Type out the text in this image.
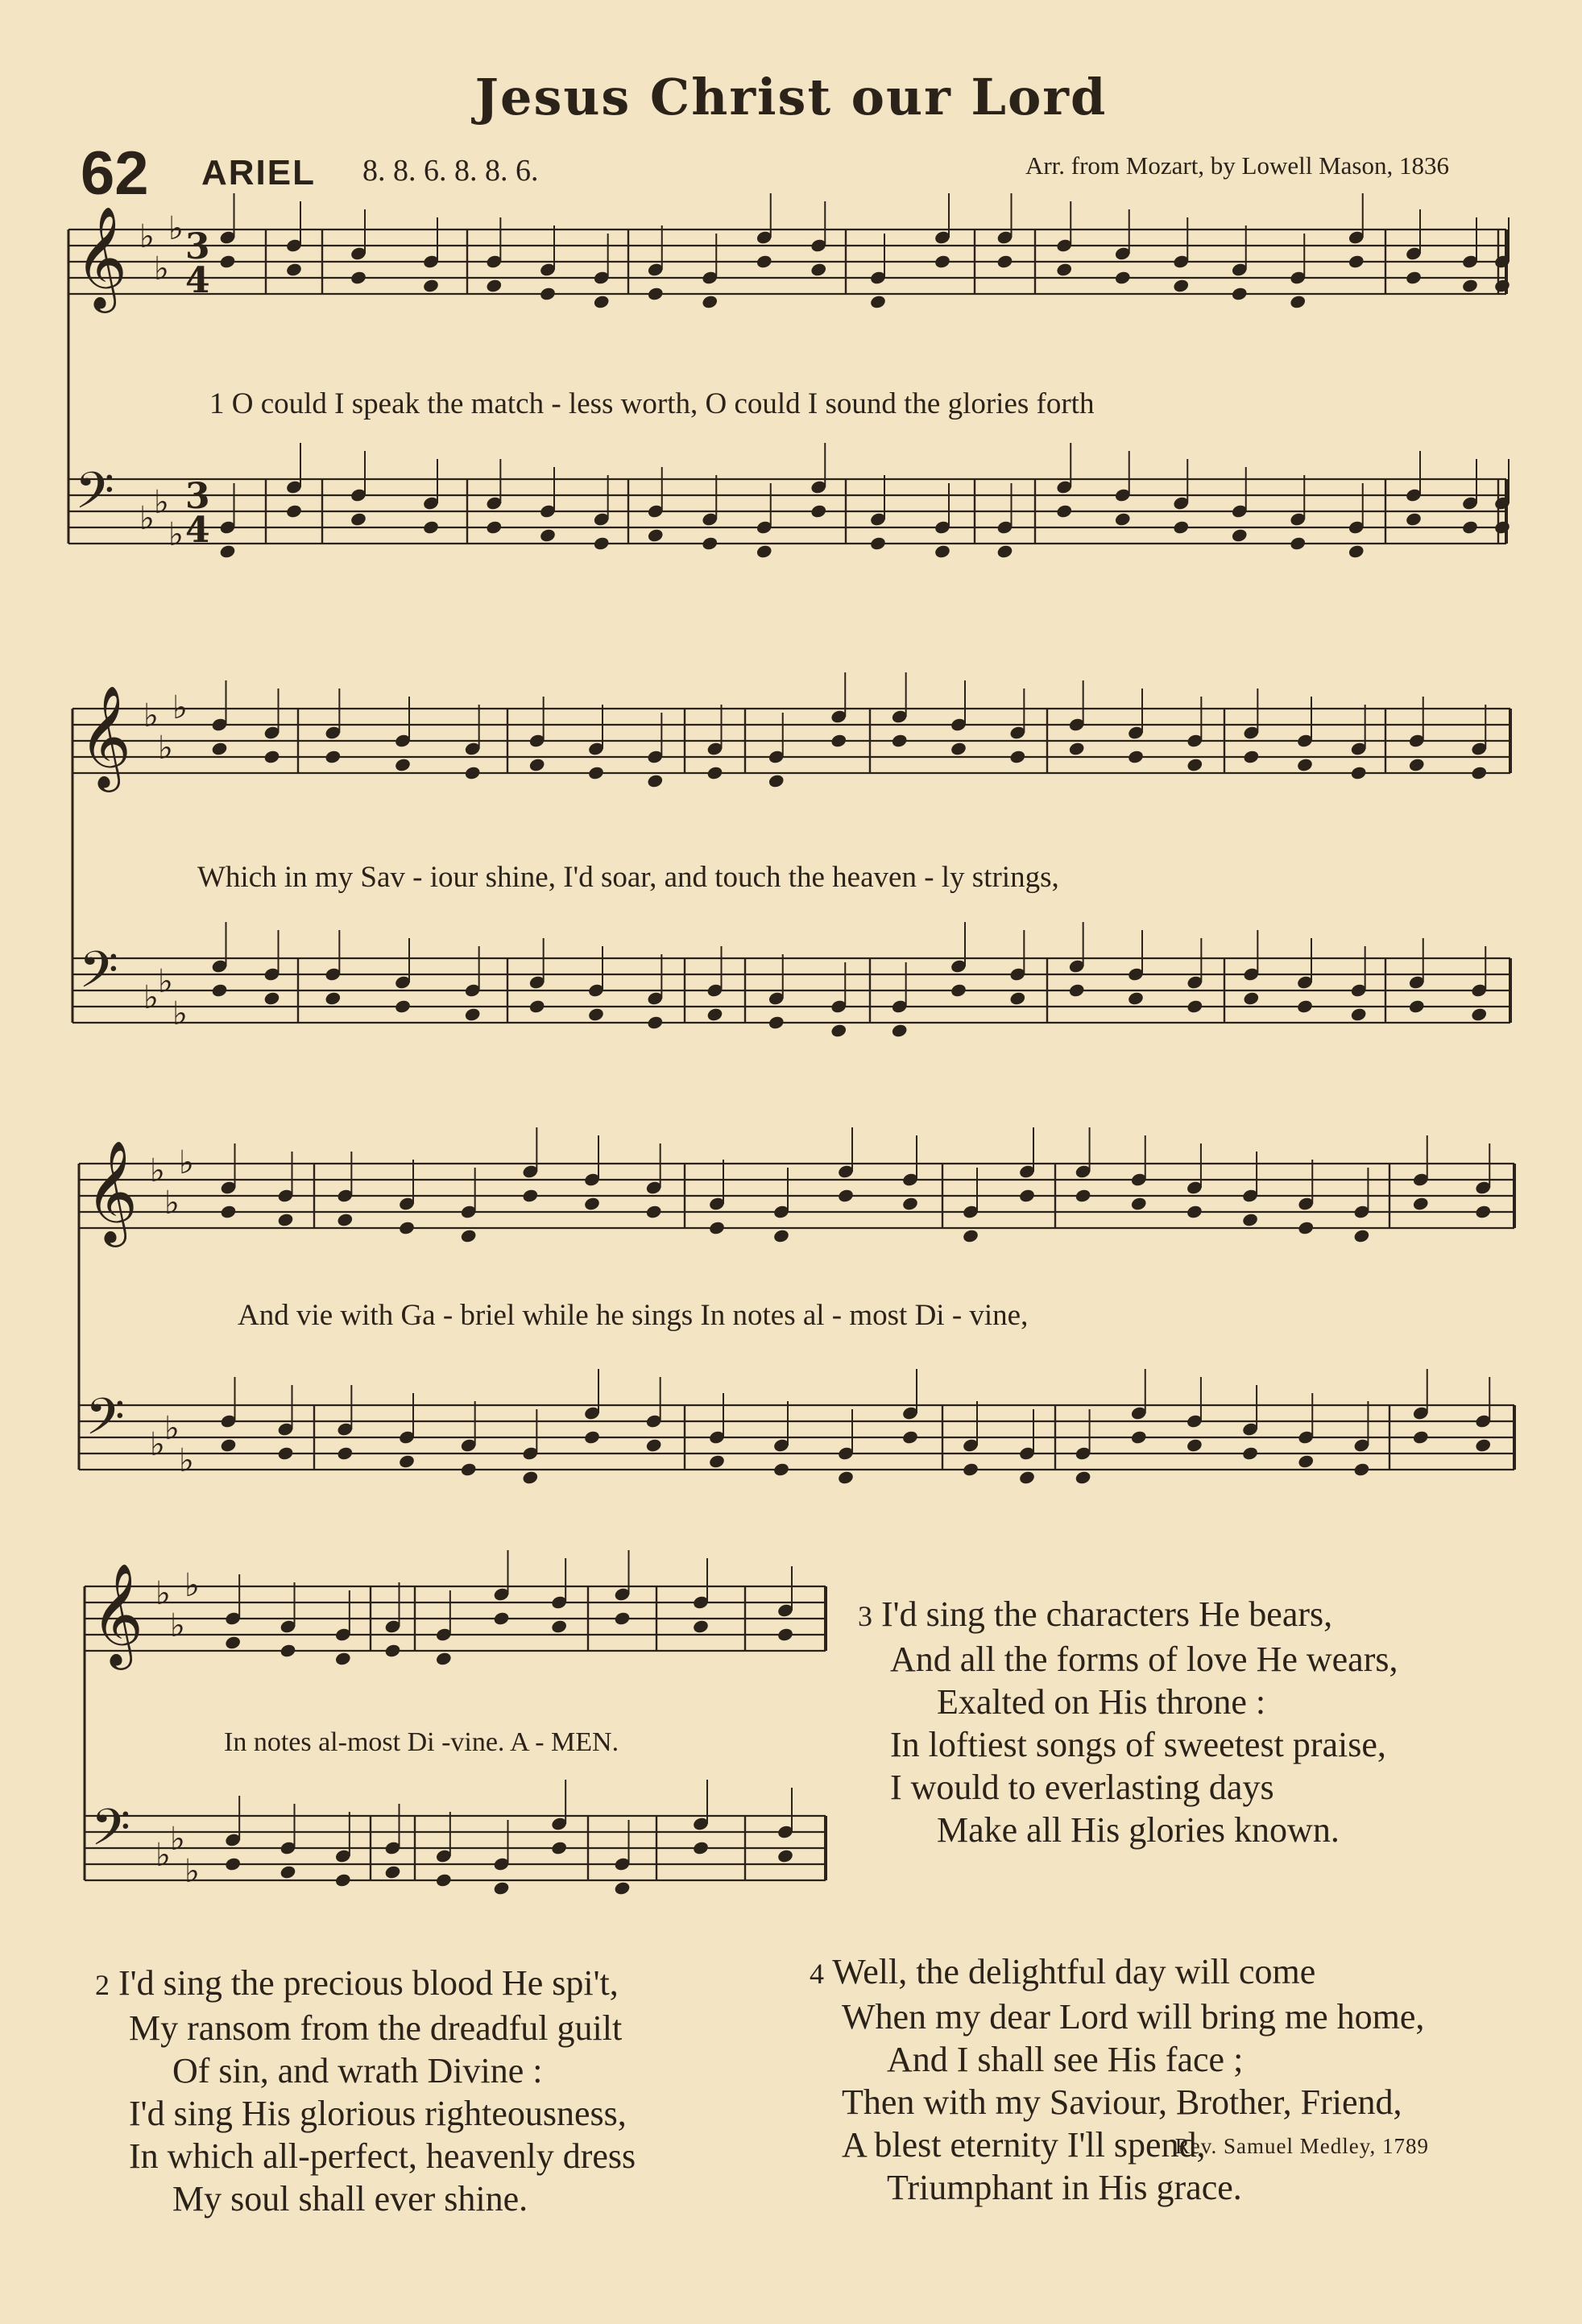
Jesus Christ our Lord
62 ARIEL 8. 8. 6. 8. 8. 6.	Arr. from Mozart, by Lowell Mason, 1836
𝄞 ♭
♭
♭
𝄢 ♭ ♭
♭
𝄞 ♭
♭
♭
𝄢 ♭ ♭
♭
𝄞 ♭
♭
♭
𝄢 ♭ ♭
♭
𝄞 ♭
♭
♭
𝄢 ♭ ♭
♭
3
4
3
4
1 O could I speak the match - less worth, O could I sound the glories forth
Which in my Sav - iour shine, I'd soar, and touch the heaven - ly strings,
And vie with Ga - briel while he sings In notes al - most Di - vine,
In notes al-most Di -vine. A - MEN.
3 I'd sing the characters He bears,
And all the forms of love He wears,
Exalted on His throne :
In loftiest songs of sweetest praise,
I would to everlasting days
Make all His glories known.
2 I'd sing the precious blood He spi't,
My ransom from the dreadful guilt
Of sin, and wrath Divine :
I'd sing His glorious righteousness,
In which all-perfect, heavenly dress
My soul shall ever shine.
4 Well, the delightful day will come
When my dear Lord will bring me home,
And I shall see His face ;
Then with my Saviour, Brother, Friend,
A blest eternity I'll spend,
Triumphant in His grace.
Rev. Samuel Medley, 1789
